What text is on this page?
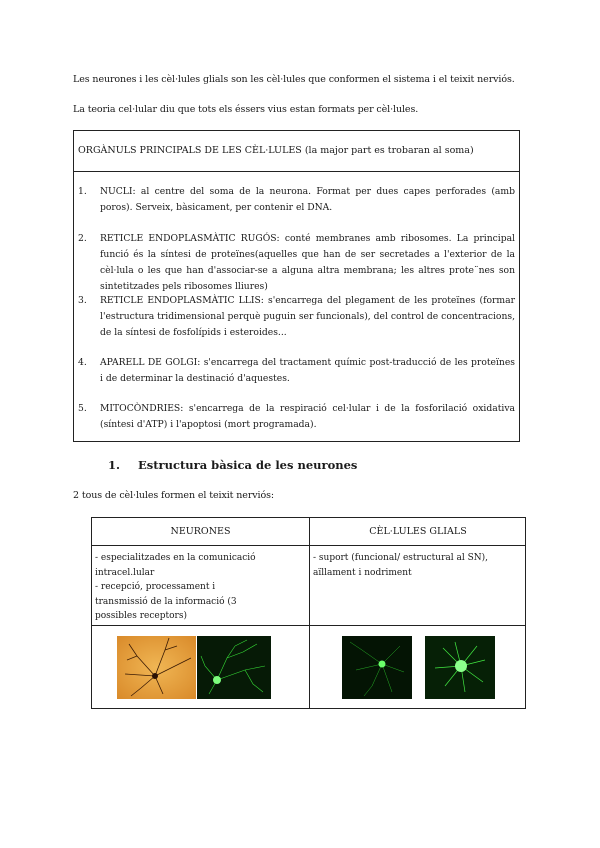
Les neurones i les cèl·lules glials son les cèl·lules que conformen el sistema i el teixit nerviós.
La teoria cel·lular diu que tots els éssers vius estan formats per cèl·lules.
ORGÀNULS PRINCIPALS DE LES CÈL·LULES (la major part es trobaran al soma)
1. NUCLI: al centre del soma de la neurona. Format per dues capes perforades (amb poros). Serveix, bàsicament, per contenir el DNA.
2. RETICLE ENDOPLASMÀTIC RUGÓS: conté membranes amb ribosomes. La principal funció és la síntesi de proteïnes(aquelles que han de ser secretades a l'exterior de la cèl·lula o les que han d'associar-se a alguna altra membrana; les altres prote¨nes son sintetitzades pels ribosomes lliures)
3. RETICLE ENDOPLASMÀTIC LLIS: s'encarrega del plegament de les proteïnes (formar l'estructura tridimensional perquè puguin ser funcionals), del control de concentracions, de la síntesi de fosfolípids i esteroides...
4. APARELL DE GOLGI: s'encarrega del tractament químic post-traducció de les proteïnes i de determinar la destinació d'aquestes.
5. MITOCÒNDRIES: s'encarrega de la respiració cel·lular i de la fosforilació oxidativa (síntesi d'ATP) i l'apoptosi (mort programada).
1. Estructura bàsica de les neurones
2 tous de cèl·lules formen el teixit nerviós:
NEURONES	CÈL·LULES GLIALS
- especialitzades en la comunicació intracel.lular
- recepció, processament i transmissió de la informació (3 possibles receptors)
- suport (funcional/ estructural al SN), aïllament i nodriment
